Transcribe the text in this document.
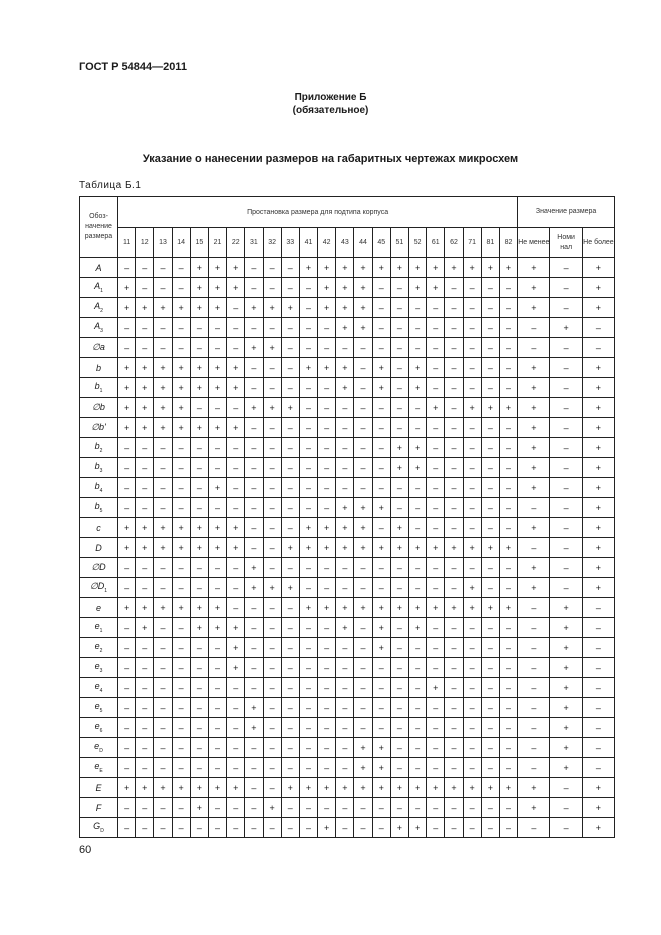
ГОСТ Р 54844—2011
Приложение Б
(обязательное)
Указание о нанесении размеров на габаритных чертежах микросхем
Таблица Б.1
Обоз-начение размера	Простановка размера для подтипа корпуса																						Значение размера		
	11	12	13	14	15	21	22	31	32	33	41	42	43	44	45	51	52	61	62	71	81	82	Не менее	Номи нал	Не более
A	–	–	–	–	+	+	+	–	–	–	+	+	+	+	+	+	+	+	+	+	+	+	+	–	+
$A_1$	+	–	–	–	+	+	+	–	–	–	–	+	+	+	–	–	+	+	–	–	–	–	+	–	+
$A_2$	+	+	+	+	+	+	–	+	+	+	–	+	+	+	–	–	–	–	–	–	–	–	+	–	+
$A_3$	–	–	–	–	–	–	–	–	–	–	–	–	+	+	–	–	–	–	–	–	–	–	–	+	–
∅a	–	–	–	–	–	–	–	+	+	–	–	–	–	–	–	–	–	–	–	–	–	–	–	–	–
b	+	+	+	+	+	+	+	–	–	–	+	+	+	–	+	–	+	–	–	–	–	–	+	–	+
$b_1$	+	+	+	+	+	+	+	–	–	–	–	–	+	–	+	–	+	–	–	–	–	–	+	–	+
∅b	+	+	+	+	–	–	–	+	+	+	–	–	–	–	–	–	–	+	–	+	+	+	+	–	+
∅b'	+	+	+	+	+	+	+	–	–	–	–	–	–	–	–	–	–	–	–	–	–	–	+	–	+
$b_2$	–	–	–	–	–	–	–	–	–	–	–	–	–	–	–	+	+	–	–	–	–	–	+	–	+
$b_3$	–	–	–	–	–	–	–	–	–	–	–	–	–	–	–	+	+	–	–	–	–	–	+	–	+
$b_4$	–	–	–	–	–	+	–	–	–	–	–	–	–	–	–	–	–	–	–	–	–	–	+	–	+
$b_5$	–	–	–	–	–	–	–	–	–	–	–	–	+	+	+	–	–	–	–	–	–	–	–	–	+
c	+	+	+	+	+	+	+	–	–	–	+	+	+	+	–	+	–	–	–	–	–	–	+	–	+
D	+	+	+	+	+	+	+	–	–	+	+	+	+	+	+	+	+	+	+	+	+	+	–	–	+
∅D	–	–	–	–	–	–	–	+	–	–	–	–	–	–	–	–	–	–	–	–	–	–	+	–	+
$\emptyset D_1$	–	–	–	–	–	–	–	+	+	+	–	–	–	–	–	–	–	–	–	+	–	–	+	–	+
e	+	+	+	+	+	+	–	–	–	–	+	+	+	+	+	+	+	+	+	+	+	+	–	+	–
$e_1$	–	+	–	–	+	+	+	–	–	–	–	–	+	–	+	–	+	–	–	–	–	–	–	+	–
$e_2$	–	–	–	–	–	–	+	–	–	–	–	–	–	–	+	–	–	–	–	–	–	–	–	+	–
$e_3$	–	–	–	–	–	–	+	–	–	–	–	–	–	–	–	–	–	–	–	–	–	–	–	+	–
$e_4$	–	–	–	–	–	–	–	–	–	–	–	–	–	–	–	–	–	+	–	–	–	–	–	+	–
$e_5$	–	–	–	–	–	–	–	+	–	–	–	–	–	–	–	–	–	–	–	–	–	–	–	+	–
$e_6$	–	–	–	–	–	–	–	+	–	–	–	–	–	–	–	–	–	–	–	–	–	–	–	+	–
$e_D$	–	–	–	–	–	–	–	–	–	–	–	–	–	+	+	–	–	–	–	–	–	–	–	+	–
$e_E$	–	–	–	–	–	–	–	–	–	–	–	–	–	+	+	–	–	–	–	–	–	–	–	+	–
E	+	+	+	+	+	+	+	–	–	+	+	+	+	+	+	+	+	+	+	+	+	+	+	–	+
F	–	–	–	–	+	–	–	–	+	–	–	–	–	–	–	–	–	–	–	–	–	–	+	–	+
$G_D$	–	–	–	–	–	–	–	–	–	–	–	+	–	–	–	+	+	–	–	–	–	–	–	–	+
60
